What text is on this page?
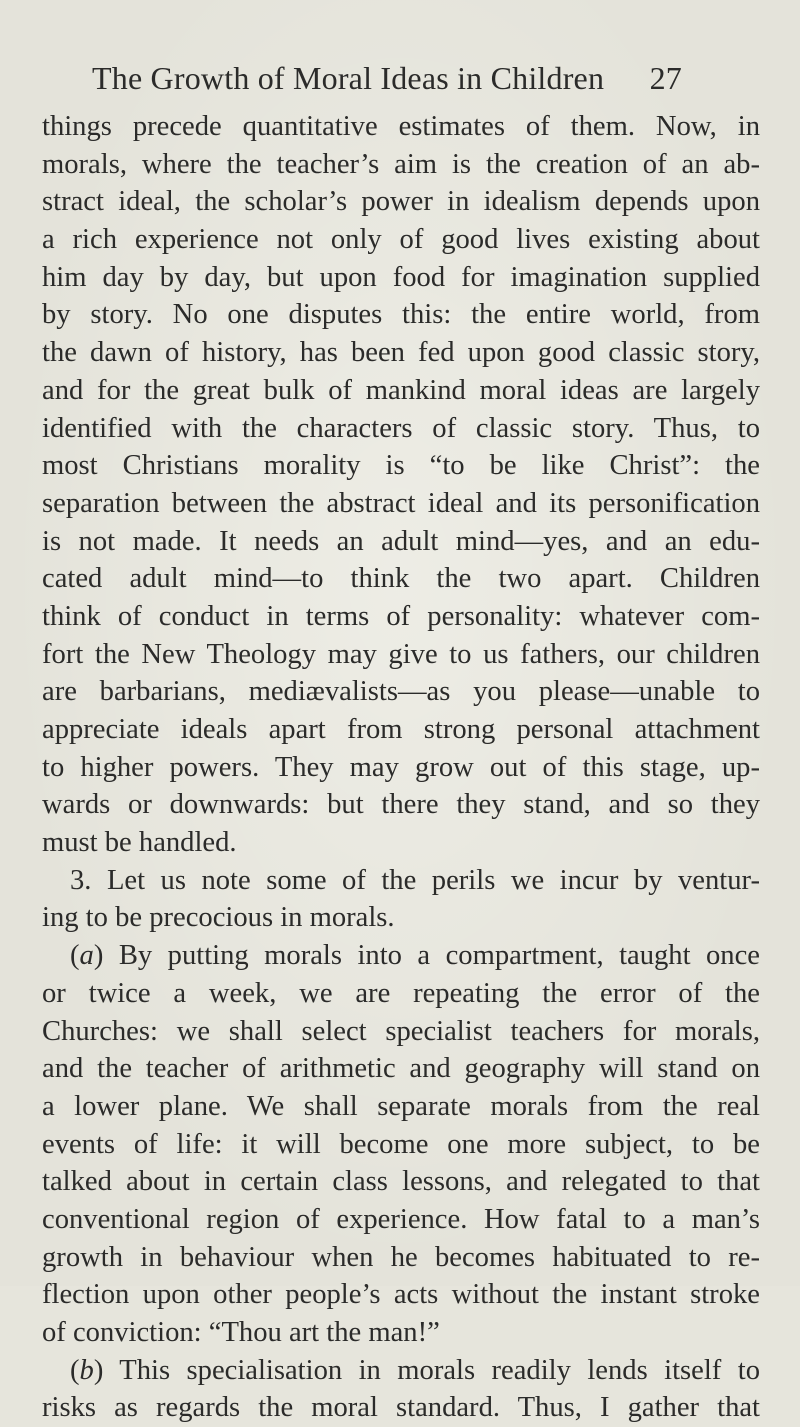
The Growth of Moral Ideas in Children 27
things precede quantitative estimates of them. Now, in
morals, where the teacher’s aim is the creation of an ab-
stract ideal, the scholar’s power in idealism depends upon
a rich experience not only of good lives existing about
him day by day, but upon food for imagination supplied
by story. No one disputes this: the entire world, from
the dawn of history, has been fed upon good classic story,
and for the great bulk of mankind moral ideas are largely
identified with the characters of classic story. Thus, to
most Christians morality is “to be like Christ”: the
separation between the abstract ideal and its personification
is not made. It needs an adult mind—yes, and an edu-
cated adult mind—to think the two apart. Children
think of conduct in terms of personality: whatever com-
fort the New Theology may give to us fathers, our children
are barbarians, mediævalists—as you please—unable to
appreciate ideals apart from strong personal attachment
to higher powers. They may grow out of this stage, up-
wards or downwards: but there they stand, and so they
must be handled.
3. Let us note some of the perils we incur by ventur-
ing to be precocious in morals.
(a) By putting morals into a compartment, taught once
or twice a week, we are repeating the error of the
Churches: we shall select specialist teachers for morals,
and the teacher of arithmetic and geography will stand on
a lower plane. We shall separate morals from the real
events of life: it will become one more subject, to be
talked about in certain class lessons, and relegated to that
conventional region of experience. How fatal to a man’s
growth in behaviour when he becomes habituated to re-
flection upon other people’s acts without the instant stroke
of conviction: “Thou art the man!”
(b) This specialisation in morals readily lends itself to
risks as regards the moral standard. Thus, I gather that
